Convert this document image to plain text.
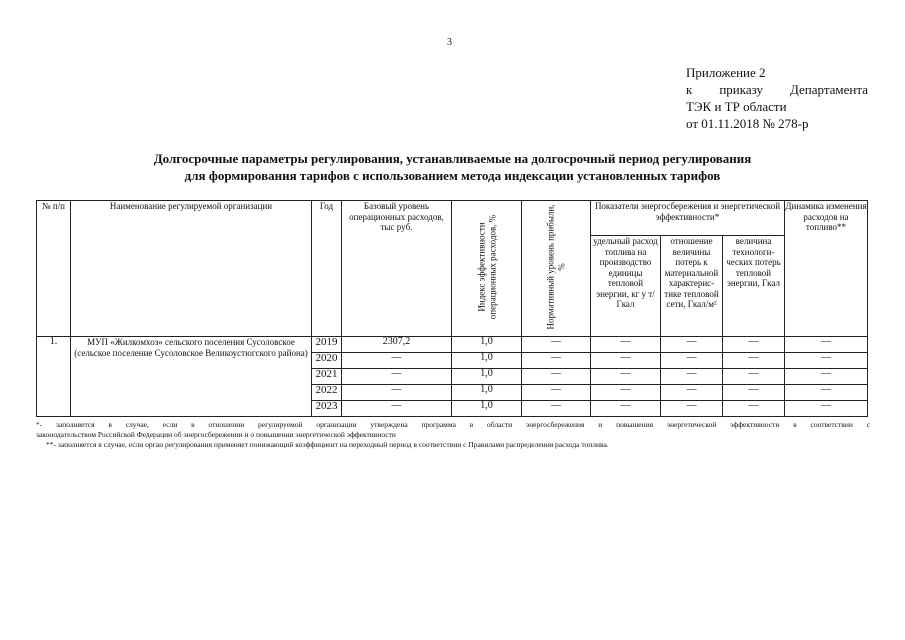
3
Приложение 2
к приказу Департамента
ТЭК и ТР области
от 01.11.2018 № 278-р
Долгосрочные параметры регулирования, устанавливаемые на долгосрочный период регулирования
для формирования тарифов с использованием метода индексации установленных тарифов
№ п/п	Наименование регулируемой организации	Год	Базовый уровень операционных расходов, тыс руб.	Индекс эффективности операционных расходов, %	Нормативный уровень прибыли, %	Показатели энергосбережения и энергетической эффективности*			Динамика изменения расходов на топливо**
						удельный расход топлива на производство единицы тепловой энергии, кг у т/Гкал	отношение величины потерь к материальной характерис-тике тепловой сети, Гкал/м²	величина технологи-ческих потерь тепловой энергии, Гкал	
1.	МУП «Жилкомхоз» сельского поселения Сусоловское (сельское поселение Сусоловское Великоустюгского района)	2019	2307,2	1,0	—	—	—	—	—
		2020	—	1,0	—	—	—	—	—
		2021	—	1,0	—	—	—	—	—
		2022	—	1,0	—	—	—	—	—
		2023	—	1,0	—	—	—	—	—
*- заполняется в случае, если в отношении регулируемой организации утверждена программа в области энергосбережения и повышения энергетической эффективности в соответствии с
законодательством Российской Федерации об энергосбережении и о повышении энергетической эффективности
**- заполняется в случае, если орган регулирования применяет понижающий коэффициент на переходный период в соответствии с Правилами распределения расхода топлива.
